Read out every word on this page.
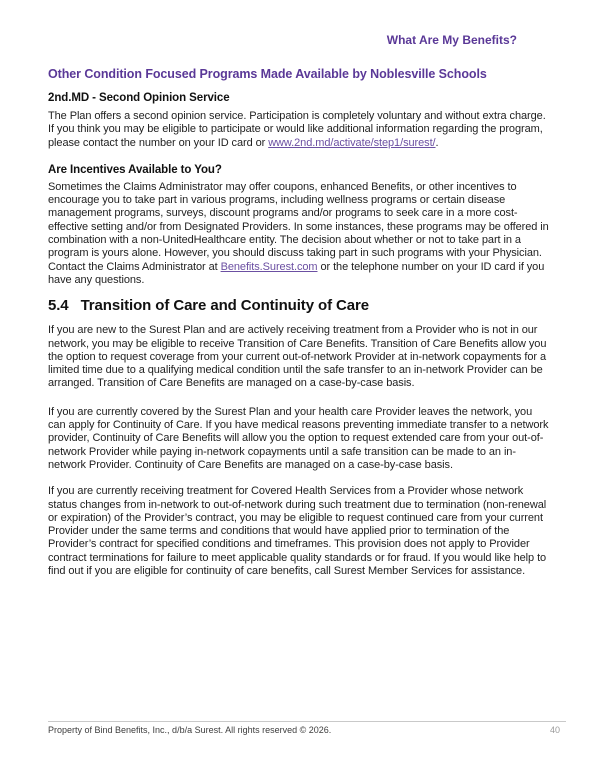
What Are My Benefits?
Other Condition Focused Programs Made Available by Noblesville Schools
2nd.MD - Second Opinion Service

The Plan offers a second opinion service. Participation is completely voluntary and without extra charge. If you think you may be eligible to participate or would like additional information regarding the program, please contact the number on your ID card or www.2nd.md/activate/step1/surest/.

Are Incentives Available to You?

Sometimes the Claims Administrator may offer coupons, enhanced Benefits, or other incentives to encourage you to take part in various programs, including wellness programs or certain disease management programs, surveys, discount programs and/or programs to seek care in a more cost-effective setting and/or from Designated Providers. In some instances, these programs may be offered in combination with a non-UnitedHealthcare entity. The decision about whether or not to take part in a program is yours alone. However, you should discuss taking part in such programs with your Physician. Contact the Claims Administrator at Benefits.Surest.com or the telephone number on your ID card if you have any questions.

5.4 Transition of Care and Continuity of Care

If you are new to the Surest Plan and are actively receiving treatment from a Provider who is not in our network, you may be eligible to receive Transition of Care Benefits. Transition of Care Benefits allow you the option to request coverage from your current out-of-network Provider at in-network copayments for a limited time due to a qualifying medical condition until the safe transfer to an in-network Provider can be arranged. Transition of Care Benefits are managed on a case-by-case basis.

If you are currently covered by the Surest Plan and your health care Provider leaves the network, you can apply for Continuity of Care. If you have medical reasons preventing immediate transfer to a network provider, Continuity of Care Benefits will allow you the option to request extended care from your out-of-network Provider while paying in-network copayments until a safe transition can be made to an in-network Provider. Continuity of Care Benefits are managed on a case-by-case basis.

If you are currently receiving treatment for Covered Health Services from a Provider whose network status changes from in-network to out-of-network during such treatment due to termination (non-renewal or expiration) of the Provider’s contract, you may be eligible to request continued care from your current Provider under the same terms and conditions that would have applied prior to termination of the Provider’s contract for specified conditions and timeframes. This provision does not apply to Provider contract terminations for failure to meet applicable quality standards or for fraud. If you would like help to find out if you are eligible for continuity of care benefits, call Surest Member Services for assistance.

Property of Bind Benefits, Inc., d/b/a Surest. All rights reserved © 2026.	40
